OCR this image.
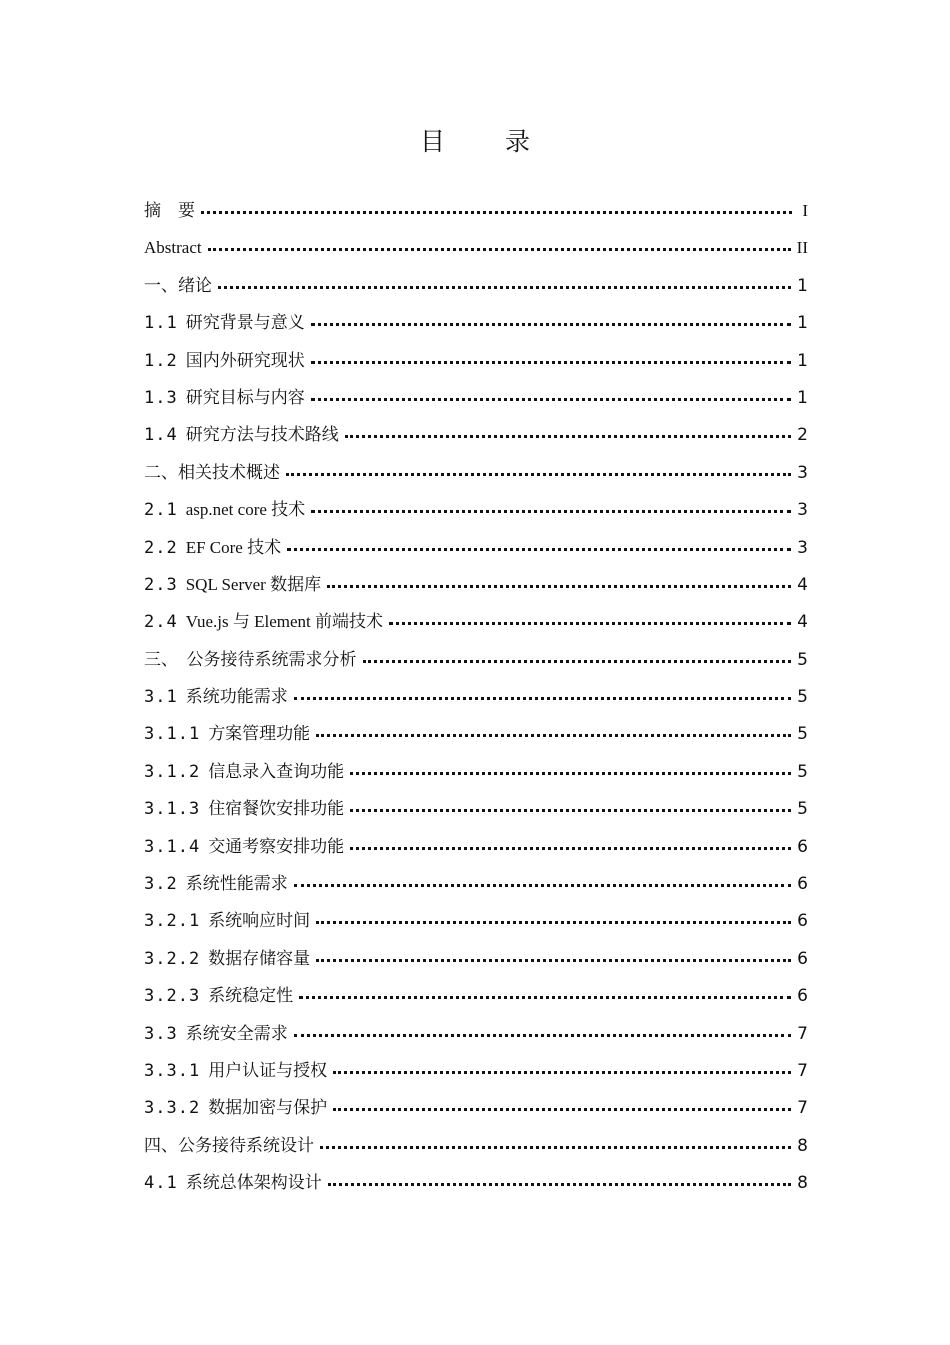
目 录
摘　要	I
Abstract	II
一、绪论	1
1.1 研究背景与意义	1
1.2 国内外研究现状	1
1.3 研究目标与内容	1
1.4 研究方法与技术路线	2
二、相关技术概述	3
2.1 asp.net core 技术	3
2.2 EF Core 技术	3
2.3 SQL Server 数据库	4
2.4 Vue.js 与 Element 前端技术	4
三、　公务接待系统需求分析	5
3.1 系统功能需求	5
3.1.1 方案管理功能	5
3.1.2 信息录入查询功能	5
3.1.3 住宿餐饮安排功能	5
3.1.4 交通考察安排功能	6
3.2 系统性能需求	6
3.2.1 系统响应时间	6
3.2.2 数据存储容量	6
3.2.3 系统稳定性	6
3.3 系统安全需求	7
3.3.1 用户认证与授权	7
3.3.2 数据加密与保护	7
四、公务接待系统设计	8
4.1 系统总体架构设计	8
